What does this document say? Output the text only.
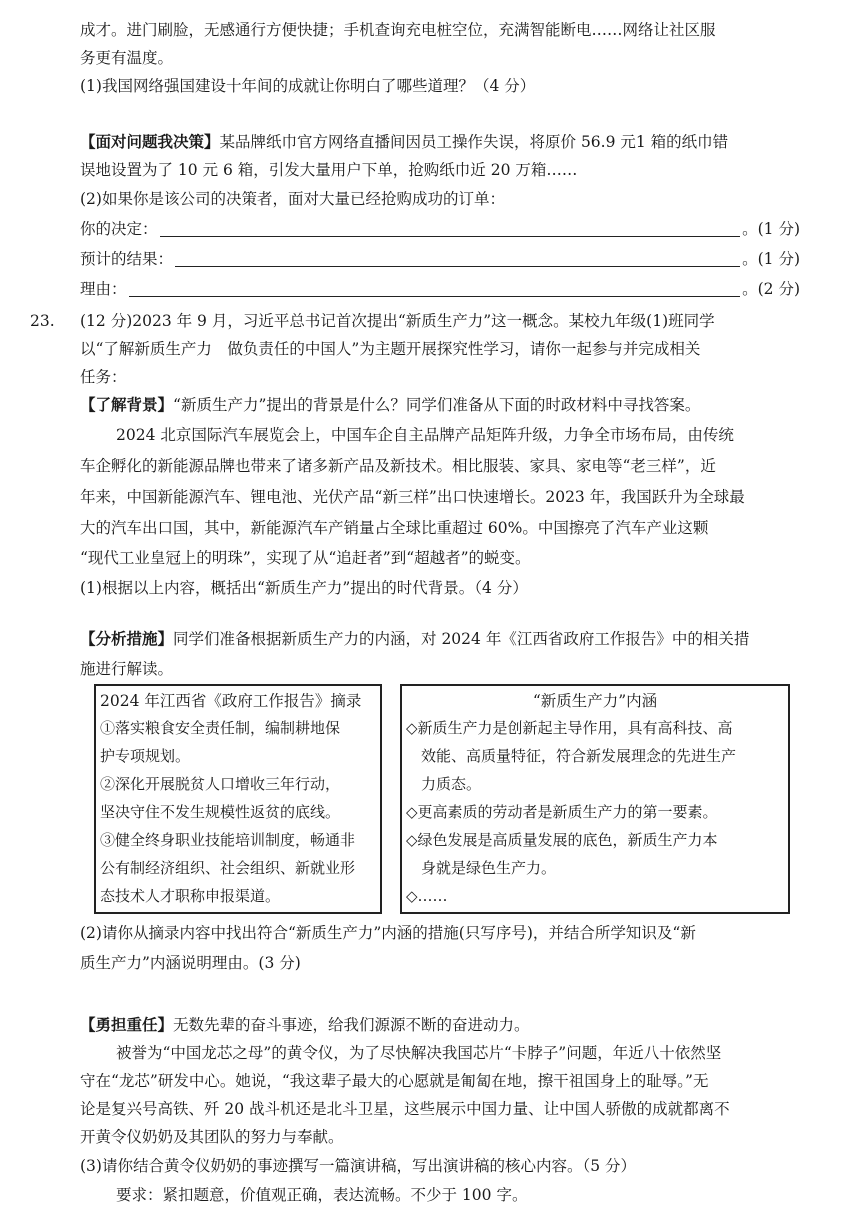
成才。进门刷脸，无感通行方便快捷；手机查询充电桩空位，充满智能断电……网络让社区服
务更有温度。
(1)我国网络强国建设十年间的成就让你明白了哪些道理？（4 分）
【面对问题我决策】某品牌纸巾官方网络直播间因员工操作失误，将原价 56.9 元1 箱的纸巾错
误地设置为了 10 元 6 箱，引发大量用户下单，抢购纸巾近 20 万箱……
(2)如果你是该公司的决策者，面对大量已经抢购成功的订单：
你的决定：	。(1 分)
预计的结果：	。(1 分)
理由：	。(2 分)
23. (12 分)2023 年 9 月，习近平总书记首次提出“新质生产力”这一概念。某校九年级(1)班同学
以“了解新质生产力　做负责任的中国人”为主题开展探究性学习，请你一起参与并完成相关
任务：
【了解背景】“新质生产力”提出的背景是什么？同学们准备从下面的时政材料中寻找答案。
2024 北京国际汽车展览会上，中国车企自主品牌产品矩阵升级，力争全市场布局，由传统
车企孵化的新能源品牌也带来了诸多新产品及新技术。相比服装、家具、家电等“老三样”，近
年来，中国新能源汽车、锂电池、光伏产品“新三样”出口快速增长。2023 年，我国跃升为全球最
大的汽车出口国，其中，新能源汽车产销量占全球比重超过 60%。中国擦亮了汽车产业这颗
“现代工业皇冠上的明珠”，实现了从“追赶者”到“超越者”的蜕变。
(1)根据以上内容，概括出“新质生产力”提出的时代背景。（4 分）
【分析措施】同学们准备根据新质生产力的内涵，对 2024 年《江西省政府工作报告》中的相关措
施进行解读。
2024 年江西省《政府工作报告》摘录
①落实粮食安全责任制，编制耕地保
护专项规划。
②深化开展脱贫人口增收三年行动，
坚决守住不发生规模性返贫的底线。
③健全终身职业技能培训制度，畅通非
公有制经济组织、社会组织、新就业形
态技术人才职称申报渠道。
“新质生产力”内涵
◇新质生产力是创新起主导作用，具有高科技、高
　效能、高质量特征，符合新发展理念的先进生产
　力质态。
◇更高素质的劳动者是新质生产力的第一要素。
◇绿色发展是高质量发展的底色，新质生产力本
　身就是绿色生产力。
◇……
(2)请你从摘录内容中找出符合“新质生产力”内涵的措施(只写序号)，并结合所学知识及“新
质生产力”内涵说明理由。(3 分)
【勇担重任】无数先辈的奋斗事迹，给我们源源不断的奋进动力。
被誉为“中国龙芯之母”的黄令仪，为了尽快解决我国芯片“卡脖子”问题，年近八十依然坚
守在“龙芯”研发中心。她说，“我这辈子最大的心愿就是匍匐在地，擦干祖国身上的耻辱。”无
论是复兴号高铁、歼 20 战斗机还是北斗卫星，这些展示中国力量、让中国人骄傲的成就都离不
开黄令仪奶奶及其团队的努力与奉献。
(3)请你结合黄令仪奶奶的事迹撰写一篇演讲稿，写出演讲稿的核心内容。（5 分）
要求：紧扣题意，价值观正确，表达流畅。不少于 100 字。
